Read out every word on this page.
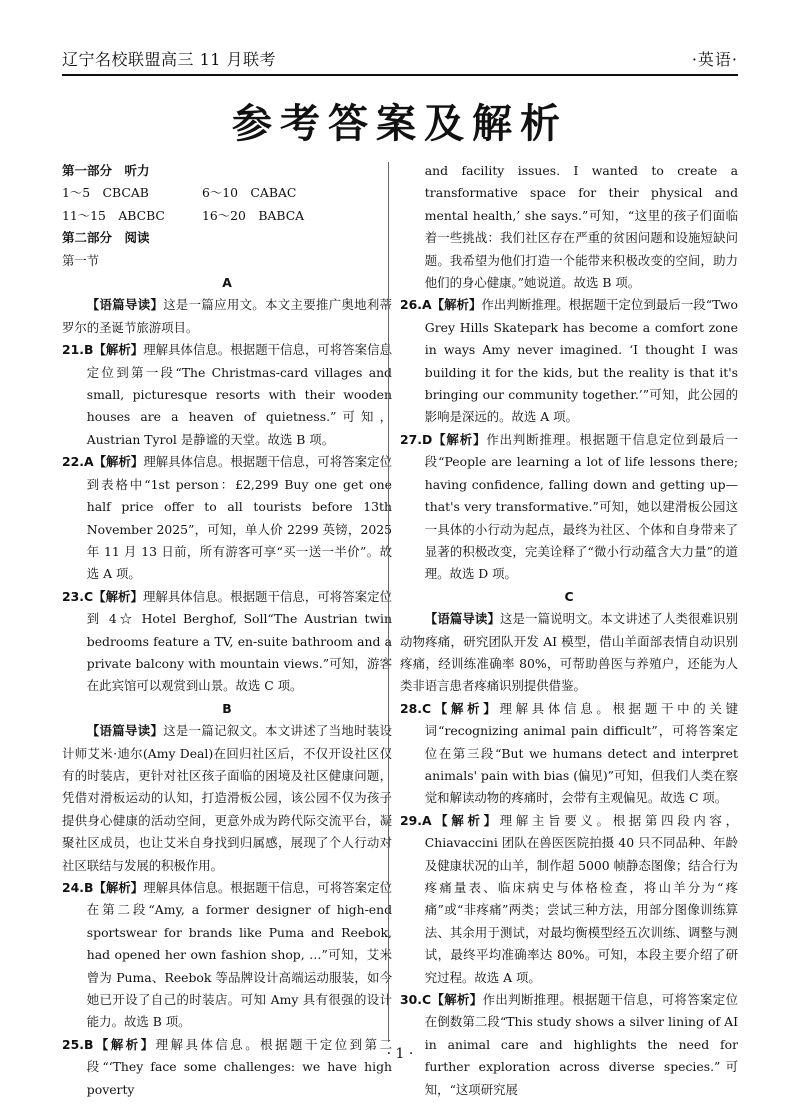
辽宁名校联盟高三 11 月联考	·英语·
参考答案及解析
第一部分　听力
1～5　CBCAB	6～10　CABAC
11～15　ABCBC	16～20　BABCA
第二部分　阅读
第一节
A

【语篇导读】这是一篇应用文。本文主要推广奥地利蒂罗尔的圣诞节旅游项目。

21.B【解析】理解具体信息。根据题干信息，可将答案信息定位到第一段“The Christmas-card villages and small, picturesque resorts with their wooden houses are a heaven of quietness.”可知，Austrian Tyrol 是静谧的天堂。故选 B 项。

22.A【解析】理解具体信息。根据题干信息，可将答案定位到表格中“1st person：£2,299 Buy one get one half price offer to all tourists before 13th November 2025”，可知，单人价 2299 英镑，2025 年 11 月 13 日前，所有游客可享“买一送一半价”。故选 A 项。

23.C【解析】理解具体信息。根据题干信息，可将答案定位到 4☆ Hotel Berghof, Soll“The Austrian twin bedrooms feature a TV, en-suite bathroom and a private balcony with mountain views.”可知，游客在此宾馆可以观赏到山景。故选 C 项。

B

【语篇导读】这是一篇记叙文。本文讲述了当地时装设计师艾米·迪尔(Amy Deal)在回归社区后，不仅开设社区仅有的时装店，更针对社区孩子面临的困境及社区健康问题，凭借对滑板运动的认知，打造滑板公园，该公园不仅为孩子提供身心健康的活动空间，更意外成为跨代际交流平台，凝聚社区成员，也让艾米自身找到归属感，展现了个人行动对社区联结与发展的积极作用。

24.B【解析】理解具体信息。根据题干信息，可将答案定位在第二段“Amy, a former designer of high-end sportswear for brands like Puma and Reebok, had opened her own fashion shop, …”可知，艾米曾为 Puma、Reebok 等品牌设计高端运动服装，如今她已开设了自己的时装店。可知 Amy 具有很强的设计能力。故选 B 项。

25.B【解析】理解具体信息。根据题干定位到第二段“‘They face some challenges: we have high poverty

and facility issues. I wanted to create a transformative space for their physical and mental health,’ she says.”可知，“这里的孩子们面临着一些挑战：我们社区存在严重的贫困问题和设施短缺问题。我希望为他们打造一个能带来积极改变的空间，助力他们的身心健康。”她说道。故选 B 项。

26.A【解析】作出判断推理。根据题干定位到最后一段“Two Grey Hills Skatepark has become a comfort zone in ways Amy never imagined. ‘I thought I was building it for the kids, but the reality is that it's bringing our community together.’”可知，此公园的影响是深远的。故选 A 项。

27.D【解析】作出判断推理。根据题干信息定位到最后一段“People are learning a lot of life lessons there; having confidence, falling down and getting up—that's very transformative.”可知，她以建滑板公园这一具体的小行动为起点，最终为社区、个体和自身带来了显著的积极改变，完美诠释了“微小行动蕴含大力量”的道理。故选 D 项。

C

【语篇导读】这是一篇说明文。本文讲述了人类很难识别动物疼痛，研究团队开发 AI 模型，借山羊面部表情自动识别疼痛，经训练准确率 80%，可帮助兽医与养殖户，还能为人类非语言患者疼痛识别提供借鉴。

28.C【解析】理解具体信息。根据题干中的关键词“recognizing animal pain difficult”，可将答案定位在第三段“But we humans detect and interpret animals' pain with bias (偏见)”可知，但我们人类在察觉和解读动物的疼痛时，会带有主观偏见。故选 C 项。

29.A【解析】理解主旨要义。根据第四段内容，Chiavaccini 团队在兽医医院拍摄 40 只不同品种、年龄及健康状况的山羊，制作超 5000 帧静态图像；结合行为疼痛量表、临床病史与体格检查，将山羊分为“疼痛”或“非疼痛”两类；尝试三种方法，用部分图像训练算法、其余用于测试，对最均衡模型经五次训练、调整与测试，最终平均准确率达 80%。可知，本段主要介绍了研究过程。故选 A 项。

30.C【解析】作出判断推理。根据题干信息，可将答案定位在倒数第二段“This study shows a silver lining of AI in animal care and highlights the need for further exploration across diverse species.”可知，“这项研究展

· 1 ·
